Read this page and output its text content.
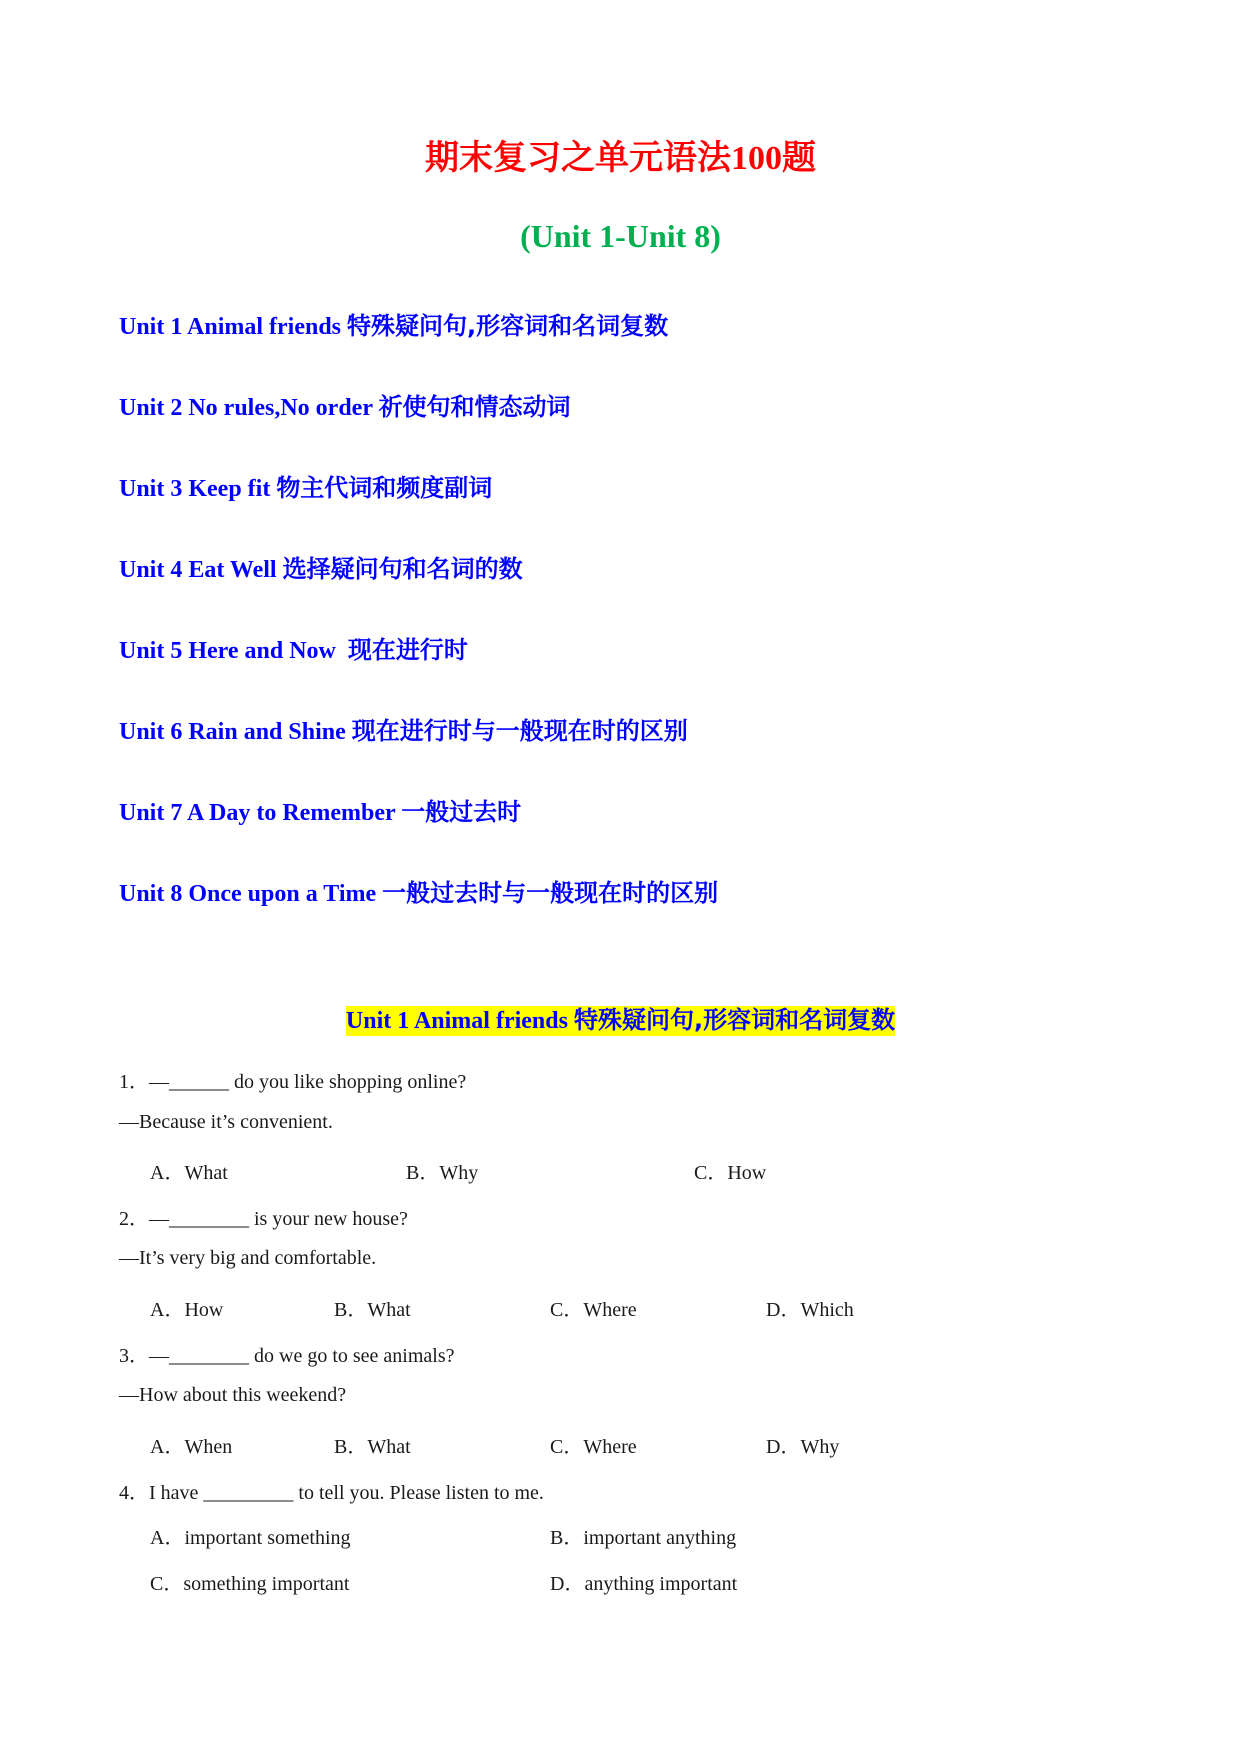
期末复习之单元语法100题
(Unit 1-Unit 8)
Unit 1 Animal friends 特殊疑问句,形容词和名词复数
Unit 2 No rules,No order 祈使句和情态动词
Unit 3 Keep fit 物主代词和频度副词
Unit 4 Eat Well 选择疑问句和名词的数
Unit 5 Here and Now  现在进行时
Unit 6 Rain and Shine 现在进行时与一般现在时的区别
Unit 7 A Day to Remember 一般过去时
Unit 8 Once upon a Time 一般过去时与一般现在时的区别
Unit 1 Animal friends 特殊疑问句,形容词和名词复数
1．—______ do you like shopping online?
—Because it’s convenient.
A．What	B．Why	C．How
2．—________ is your new house?
—It’s very big and comfortable.
A．How	B．What	C．Where	D．Which
3．—________ do we go to see animals?
—How about this weekend?
A．When	B．What	C．Where	D．Why
4．I have _________ to tell you. Please listen to me.
A．important something	B．important anything
C．something important	D．anything important
